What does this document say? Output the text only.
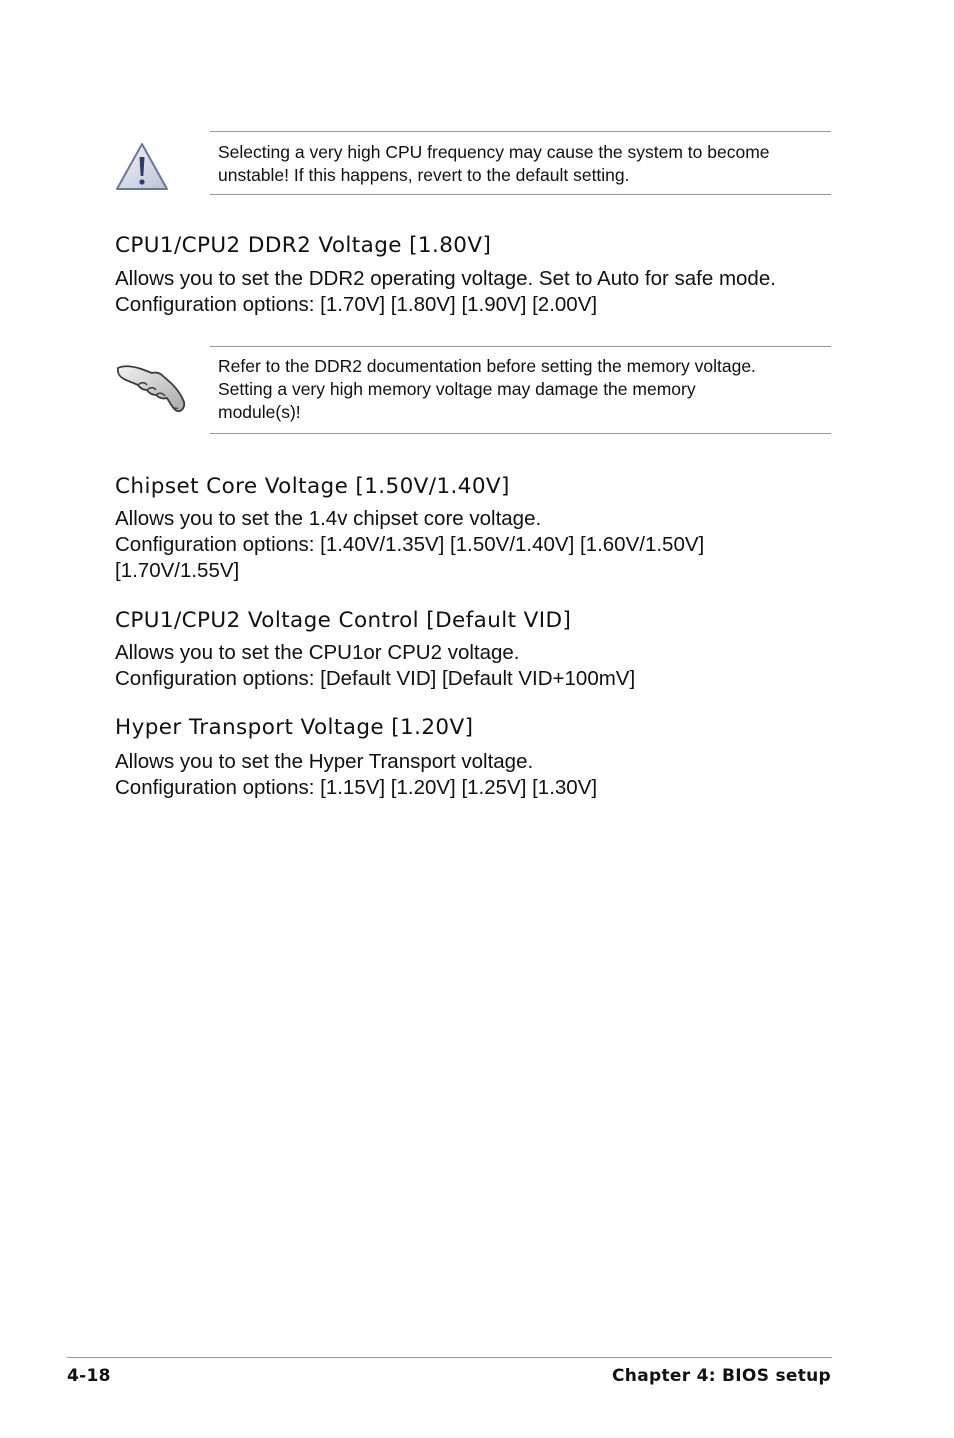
Selecting a very high CPU frequency may cause the system to become
unstable! If this happens, revert to the default setting.

CPU1/CPU2 DDR2 Voltage [1.80V]

Allows you to set the DDR2 operating voltage. Set to Auto for safe mode.
Configuration options: [1.70V] [1.80V] [1.90V] [2.00V]

Refer to the DDR2 documentation before setting the memory voltage.
Setting a very high memory voltage may damage the memory
module(s)!

Chipset Core Voltage [1.50V/1.40V]

Allows you to set the 1.4v chipset core voltage.
Configuration options: [1.40V/1.35V] [1.50V/1.40V] [1.60V/1.50V]
[1.70V/1.55V]

CPU1/CPU2 Voltage Control [Default VID]

Allows you to set the CPU1or CPU2 voltage.
Configuration options: [Default VID] [Default VID+100mV]

Hyper Transport Voltage [1.20V]

Allows you to set the Hyper Transport voltage.
Configuration options: [1.15V] [1.20V] [1.25V] [1.30V]

4-18	Chapter 4: BIOS setup
